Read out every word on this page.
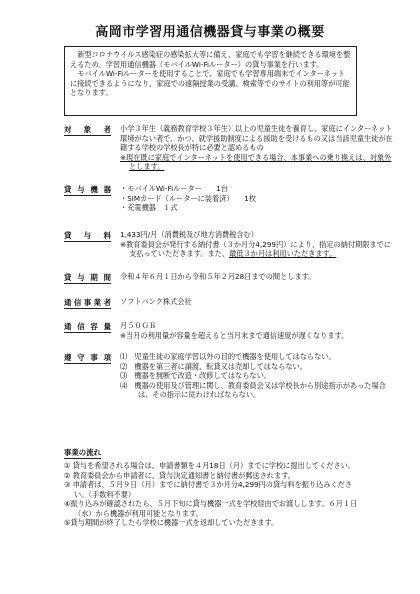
高岡市学習用通信機器貸与事業の概要

　新型コロナウイルス感染症の感染拡大等に備え、家庭でも学習を継続できる環境を整えるため、学習用通信機器（モバイルWi-Fiルーター）の貸与事業を行います。

　モバイルWi-Fiルーターを使用することで、家庭でも学習専用端末でインターネットに接続できるようになり、家庭での遠隔授業の受講、検索等でのサイトの利用等が可能となります。

対 象 者 小学３年生（義務教育学校３年生）以上の児童生徒を養育し、家庭にインターネット環境がない者で、かつ、就学援助制度による援助を受けるもの又は当該児童生徒が在籍する学校の学校長が特に必要と認めるもの

※現在既に家庭でインターネットを使用できる場合、本事業への乗り換えは、対象外とします。

貸 与 機 器 ・モバイルWi-Fiルーター　　1台
・SIMカード（ルーターに装着済）　　1枚
・充電機器　１式
貸 与 料 1,433円/月（消費税及び地方消費税含む）

※教育委員会が発行する納付書（３か月分4,299円）により、指定の納付期限までに支払っていただきます。また、最低３か月は利用いただきます。

貸 与 期 間 令和４年６月１日から令和５年２月28日までの間とします。

通 信 事 業 者 ソフトバンク株式会社

通 信 容 量 月５０ＧＢ

※当月の利用量が容量を超えると当月末まで通信速度が遅くなります。

遵 守 事 項 ⑴　児童生徒の家庭学習以外の目的で機器を使用してはならない。
⑵　機器を第三者に譲渡、転貸又は売却してはならない。
⑶　機器を無断で改造・改修してはならない。
⑷　機器の使用及び管理に関し、教育委員会又は学校長から別途指示があった場合は、その指示に従わければならない。
事業の流れ

① 貸与を希望される場合は、申請書類を４月18日（月）までに学校に提出してください。

② 教育委員会から申請者に、貸与決定通知書と納付書が郵送されます。

③ 申請者は、５月９日（月）までに納付書で３か月分4,299円の貸与料を振り込みください。（手数料不要）

④振り込みが確認されたら、５月下旬に貸与機器一式を学校経由でお渡しします。６月１日（水）から機器が利用可能となります。

⑤貸与期間が終了したら学校に機器一式を返却していただきます。
